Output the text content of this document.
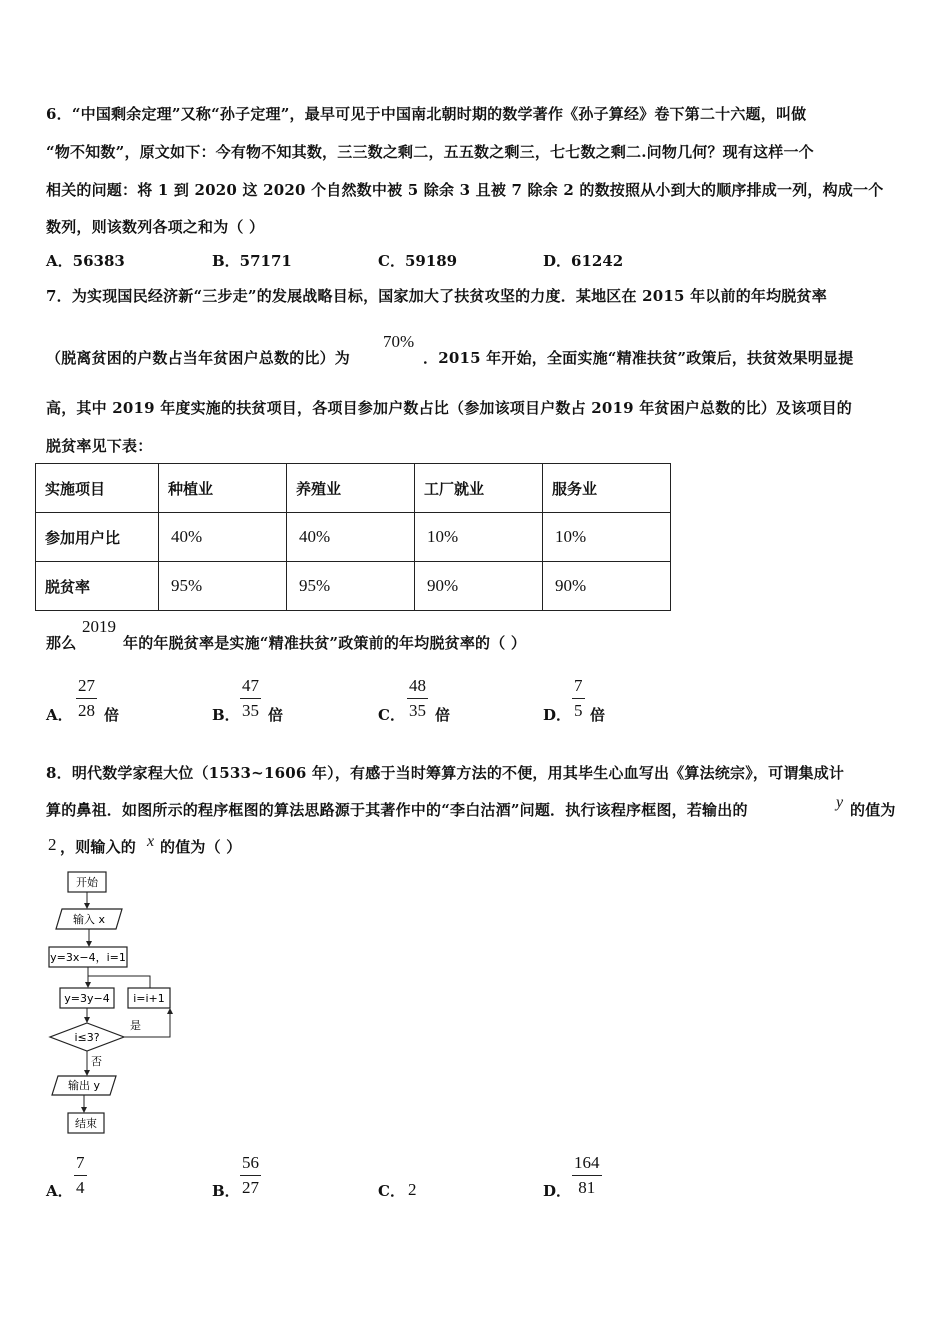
6．“中国剩余定理”又称“孙子定理”，最早可见于中国南北朝时期的数学著作《孙子算经》卷下第二十六题，叫做
“物不知数”，原文如下：今有物不知其数，三三数之剩二，五五数之剩三，七七数之剩二.问物几何？现有这样一个
相关的问题：将 1 到 2020 这 2020 个自然数中被 5 除余 3 且被 7 除余 2 的数按照从小到大的顺序排成一列，构成一个
数列，则该数列各项之和为（ ）
A．56383	B．57171	C．59189	D．61242
7．为实现国民经济新“三步走”的发展战略目标，国家加大了扶贫攻坚的力度．某地区在 2015 年以前的年均脱贫率
（脱离贫困的户数占当年贫困户总数的比）为
70%
．2015 年开始，全面实施“精准扶贫”政策后，扶贫效果明显提
高，其中 2019 年度实施的扶贫项目，各项目参加户数占比（参加该项目户数占 2019 年贫困户总数的比）及该项目的
脱贫率见下表：
实施项目	种植业	养殖业	工厂就业	服务业
参加用户比	40%	40%	10%	10%
脱贫率	95%	95%	90%	90%
那么
2019
年的年脱贫率是实施“精准扶贫”政策前的年均脱贫率的（ ）
A． $\frac{27}{28}$ 倍	B． $\frac{47}{35}$ 倍	C． $\frac{48}{35}$ 倍	D． $\frac{7}{5}$ 倍
8．明代数学家程大位（1533~1606 年），有感于当时筹算方法的不便，用其毕生心血写出《算法统宗》，可谓集成计
算的鼻祖．如图所示的程序框图的算法思路源于其著作中的“李白沽酒”问题．执行该程序框图，若输出的	y 的值为
2 ，则输入的 x 的值为（ ）
开始
输入 x
y=3x−4，i=1
y=3y−4 i=i+1
i≤3?
是
否
输出 y
结束
A． $\frac{7}{4}$	B． $\frac{56}{27}$	C． 2	D． $\frac{164}{81}$
